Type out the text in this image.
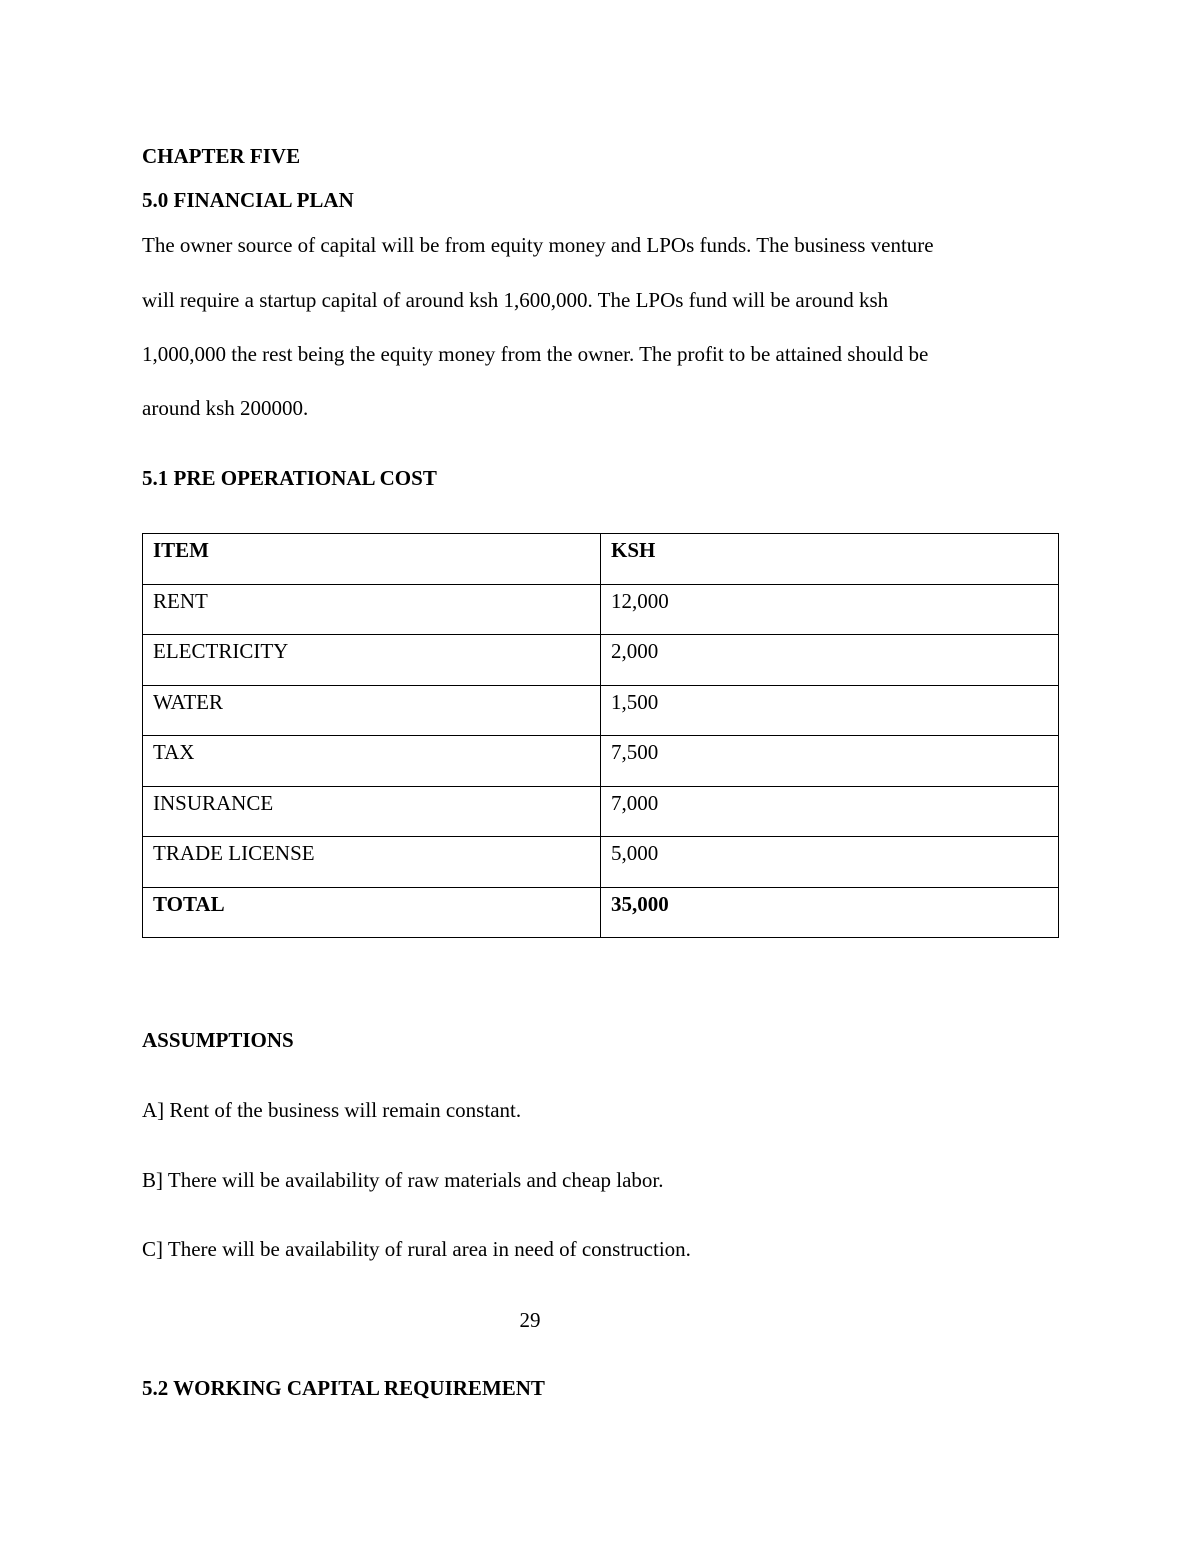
CHAPTER FIVE
5.0 FINANCIAL PLAN
The owner source of capital will be from equity money and LPOs funds. The business venture
will require a startup capital of around ksh 1,600,000. The LPOs fund will be around ksh
1,000,000 the rest being the equity money from the owner. The profit to be attained should be
around ksh 200000.
5.1 PRE OPERATIONAL COST
ITEM	KSH
RENT	12,000
ELECTRICITY	2,000
WATER	1,500
TAX	7,500
INSURANCE	7,000
TRADE LICENSE	5,000
TOTAL	35,000
ASSUMPTIONS
A] Rent of the business will remain constant.
B] There will be availability of raw materials and cheap labor.
C] There will be availability of rural area in need of construction.
29
5.2 WORKING CAPITAL REQUIREMENT
